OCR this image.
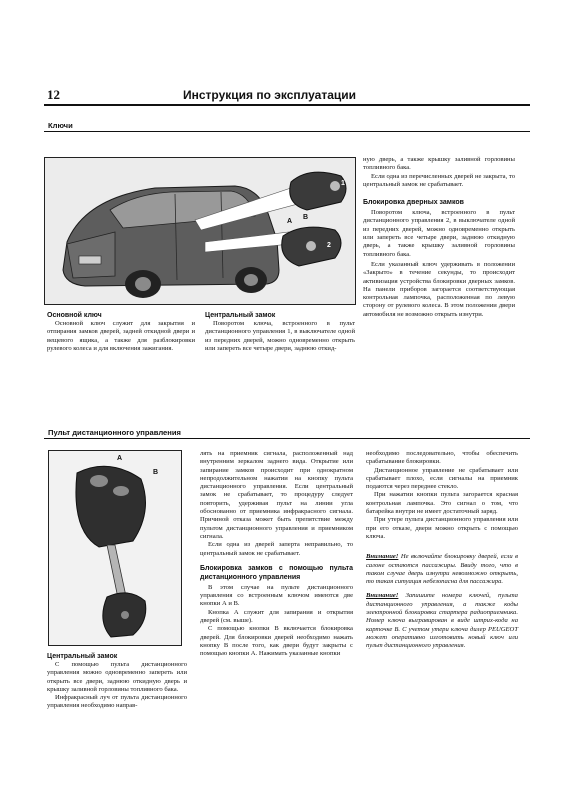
12	Инструкция по эксплуатации
Ключи
A
B
1
2

ную дверь, а также крышку заливной горловины топливного бака.

Если одна из перечисленных дверей не закрыта, то центральный замок не срабатывает.

Блокировка дверных замков

Повоpотом ключа, встроенного в пульт дистанционного управления 2, в выключателе одной из передних дверей, можно одновременно открыть или запереть все четыре двери, заднюю откидную дверь, а также крышку заливной горловины топливного бака.

Если указанный ключ удерживать в положении «Закрыто» в течение секунды, то происходит активизация устройства блокировки дверных замков. На панели приборов загорается соответствующая контрольная лампочка, расположенная по левую сторону от рулевого колеса. В этом положении двери автомобиля не возможно открыть изнутри.

Основной ключ

Основной ключ служит для закрытия и отпирания замков дверей, задней откидной двери и вещевого ящика, а также для разблокировки рулевого колеса и для включения зажигания.

Центральный замок

Поворотом ключа, встроенного в пульт дистанционного управления 1, в выключателе одной из передних дверей, можно одновременно открыть или запереть все четыре двери, заднюю откид-

Пульт дистанционного управления
A
B
Центральный замок

С помощью пульта дистанционного управления можно одновременно запереть или открыть все двери, заднюю откидную дверь и крышку заливной горловины топливного бака.

Инфракрасный луч от пульта дистанционного управления необходимо направ-

лять на приемник сигнала, расположенный над внутренним зеркалом заднего вида. Открытие или запирание замков происходит при однократном непродолжительном нажатии на кнопку пульта дистанционного управления. Если центральный замок не срабатывает, то процедуру следует повторить, удерживая пульт на линии угла обоснованно от приемника инфракрасного сигнала. Причиной отказа может быть препятствие между пультом дистанционного управления и приемником сигнала.

Если одна из дверей заперта неправильно, то центральный замок не срабатывает.

Блокировка замков с помощью пульта дистанционного управления

В этом случае на пульте дистанционного управления со встроенным ключом имеются две кнопки А и В.

Кнопка А служит для запирания и открытия дверей (см. выше).

С помощью кнопки В включается блокировка дверей. Для блокировки дверей необходимо нажать кнопку В после того, как двери будут закрыты с помощью кнопки А. Нажимать указанные кнопки

необходимо последовательно, чтобы обеспечить срабатывание блокировки.

Дистанционное управление не срабатывает или срабатывает плохо, если сигналы на приемник подаются через переднее стекло.

При нажатии кнопки пульта загорается красная контрольная лампочка. Это сигнал о том, что батарейка внутри не имеет достаточный заряд.

При утере пульта дистанционного управления или при его отказе, двери можно открыть с помощью ключа.

Внимание! Не включайте блокировку дверей, если в салоне остаются пассажиры. Ввиду того, что в таком случае дверь изнутри невозможно открыть, то такая ситуация небезопасна для пассажира.
Внимание! Запишите номера ключей, пульта дистанционного управления, а также коды электронной блокировки стартера радиоприемника. Номер ключа выгравирован в виде штрих-кода на карточке В. С учетом утери ключа дилер PEUGEOT может оперативно изготовить новый ключ или пульт дистанционного управления.
